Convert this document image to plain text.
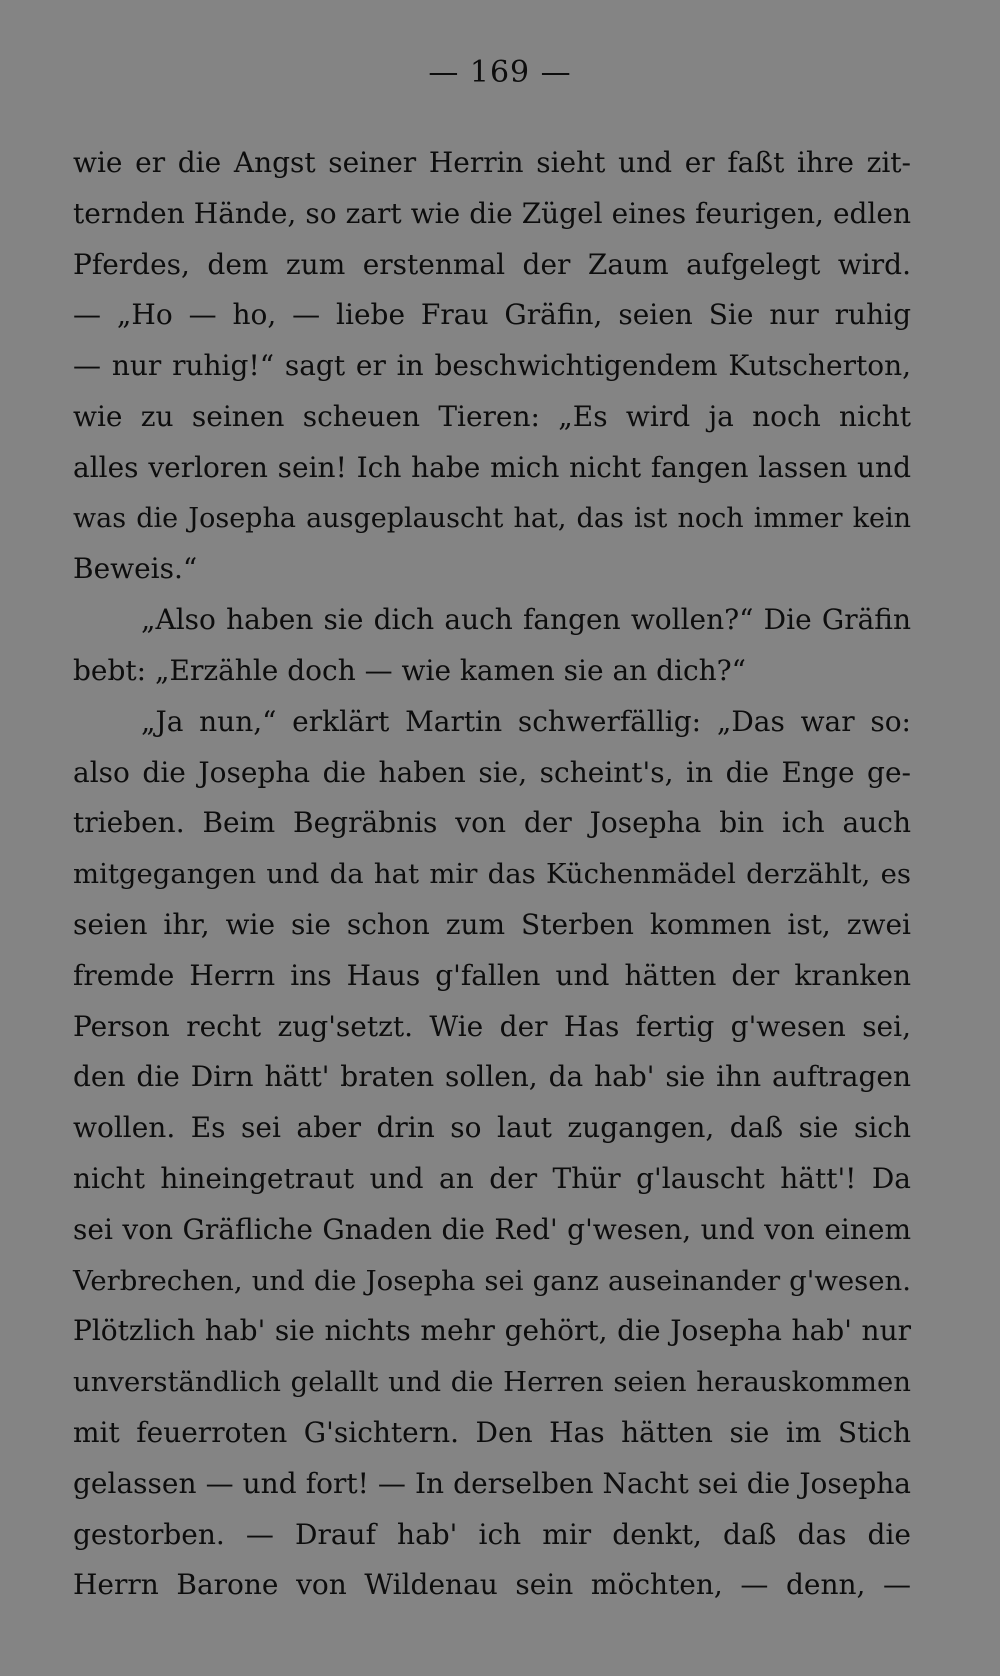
— 169 —
wie er die Angst seiner Herrin sieht und er faßt ihre zit-
ternden Hände, so zart wie die Zügel eines feurigen, edlen
Pferdes, dem zum erstenmal der Zaum aufgelegt wird.
— „Ho — ho, — liebe Frau Gräfin, seien Sie nur ruhig
— nur ruhig!“ sagt er in beschwichtigendem Kutscherton,
wie zu seinen scheuen Tieren: „Es wird ja noch nicht
alles verloren sein! Ich habe mich nicht fangen lassen und
was die Josepha ausgeplauscht hat, das ist noch immer kein
Beweis.“
„Also haben sie dich auch fangen wollen?“ Die Gräfin
bebt: „Erzähle doch — wie kamen sie an dich?“
„Ja nun,“ erklärt Martin schwerfällig: „Das war so:
also die Josepha die haben sie, scheint's, in die Enge ge-
trieben. Beim Begräbnis von der Josepha bin ich auch
mitgegangen und da hat mir das Küchenmädel derzählt, es
seien ihr, wie sie schon zum Sterben kommen ist, zwei
fremde Herrn ins Haus g'fallen und hätten der kranken
Person recht zug'setzt. Wie der Has fertig g'wesen sei,
den die Dirn hätt' braten sollen, da hab' sie ihn auftragen
wollen. Es sei aber drin so laut zugangen, daß sie sich
nicht hineingetraut und an der Thür g'lauscht hätt'! Da
sei von Gräfliche Gnaden die Red' g'wesen, und von einem
Verbrechen, und die Josepha sei ganz auseinander g'wesen.
Plötzlich hab' sie nichts mehr gehört, die Josepha hab' nur
unverständlich gelallt und die Herren seien herauskommen
mit feuerroten G'sichtern. Den Has hätten sie im Stich
gelassen — und fort! — In derselben Nacht sei die Josepha
gestorben. — Drauf hab' ich mir denkt, daß das die
Herrn Barone von Wildenau sein möchten, — denn, —
